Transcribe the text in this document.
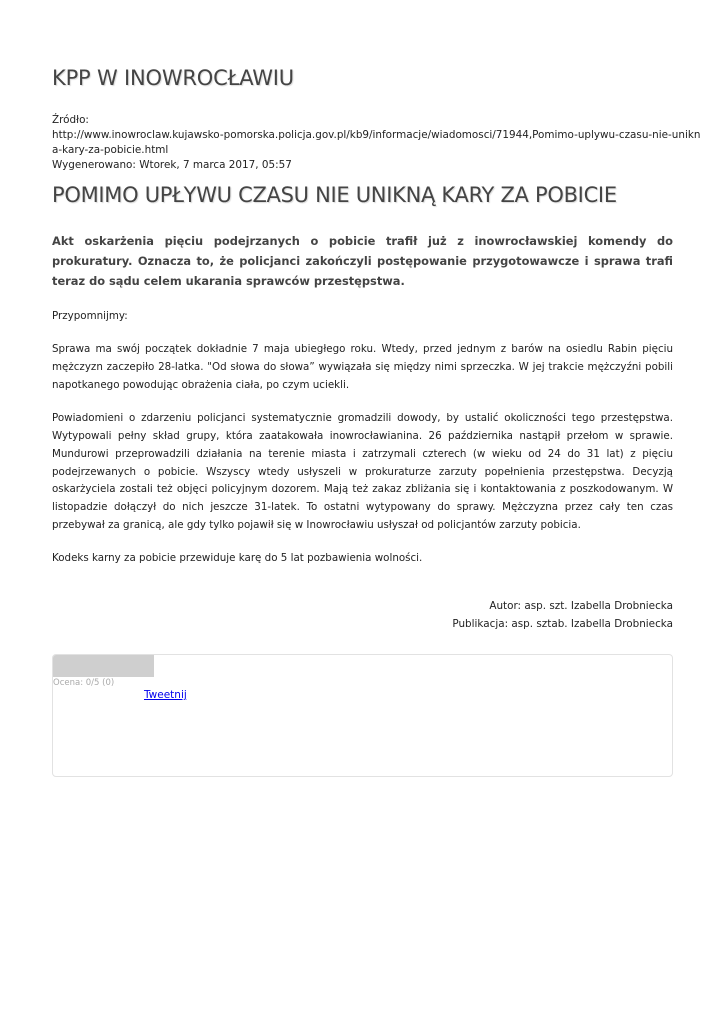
KPP W INOWROCŁAWIU
Źródło:
http://www.inowroclaw.kujawsko-pomorska.policja.gov.pl/kb9/informacje/wiadomosci/71944,Pomimo-uplywu-czasu-nie-unikn
a-kary-za-pobicie.html
Wygenerowano: Wtorek, 7 marca 2017, 05:57
POMIMO UPŁYWU CZASU NIE UNIKNĄ KARY ZA POBICIE
Akt oskarżenia pięciu podejrzanych o pobicie trafił już z inowrocławskiej komendy do prokuratury. Oznacza to, że policjanci zakończyli postępowanie przygotowawcze i sprawa trafi teraz do sądu celem ukarania sprawców przestępstwa.

Przypomnijmy:

Sprawa ma swój początek dokładnie 7 maja ubiegłego roku. Wtedy, przed jednym z barów na osiedlu Rabin pięciu mężczyzn zaczepiło 28-latka. "Od słowa do słowa” wywiązała się między nimi sprzeczka. W jej trakcie mężczyźni pobili napotkanego powodując obrażenia ciała, po czym uciekli.

Powiadomieni o zdarzeniu policjanci systematycznie gromadzili dowody, by ustalić okoliczności tego przestępstwa. Wytypowali pełny skład grupy, która zaatakowała inowrocławianina. 26 października nastąpił przełom w sprawie. Mundurowi przeprowadzili działania na terenie miasta i zatrzymali czterech (w wieku od 24 do 31 lat) z pięciu podejrzewanych o pobicie. Wszyscy wtedy usłyszeli w prokuraturze zarzuty popełnienia przestępstwa. Decyzją oskarżyciela zostali też objęci policyjnym dozorem. Mają też zakaz zbliżania się i kontaktowania z poszkodowanym. W listopadzie dołączył do nich jeszcze 31-latek. To ostatni wytypowany do sprawy. Mężczyzna przez cały ten czas przebywał za granicą, ale gdy tylko pojawił się w Inowrocławiu usłyszał od policjantów zarzuty pobicia.

Kodeks karny za pobicie przewiduje karę do 5 lat pozbawienia wolności.

Autor: asp. szt. Izabella Drobniecka
Publikacja: asp. sztab. Izabella Drobniecka
Ocena: 0/5 (0)
Tweetnij
